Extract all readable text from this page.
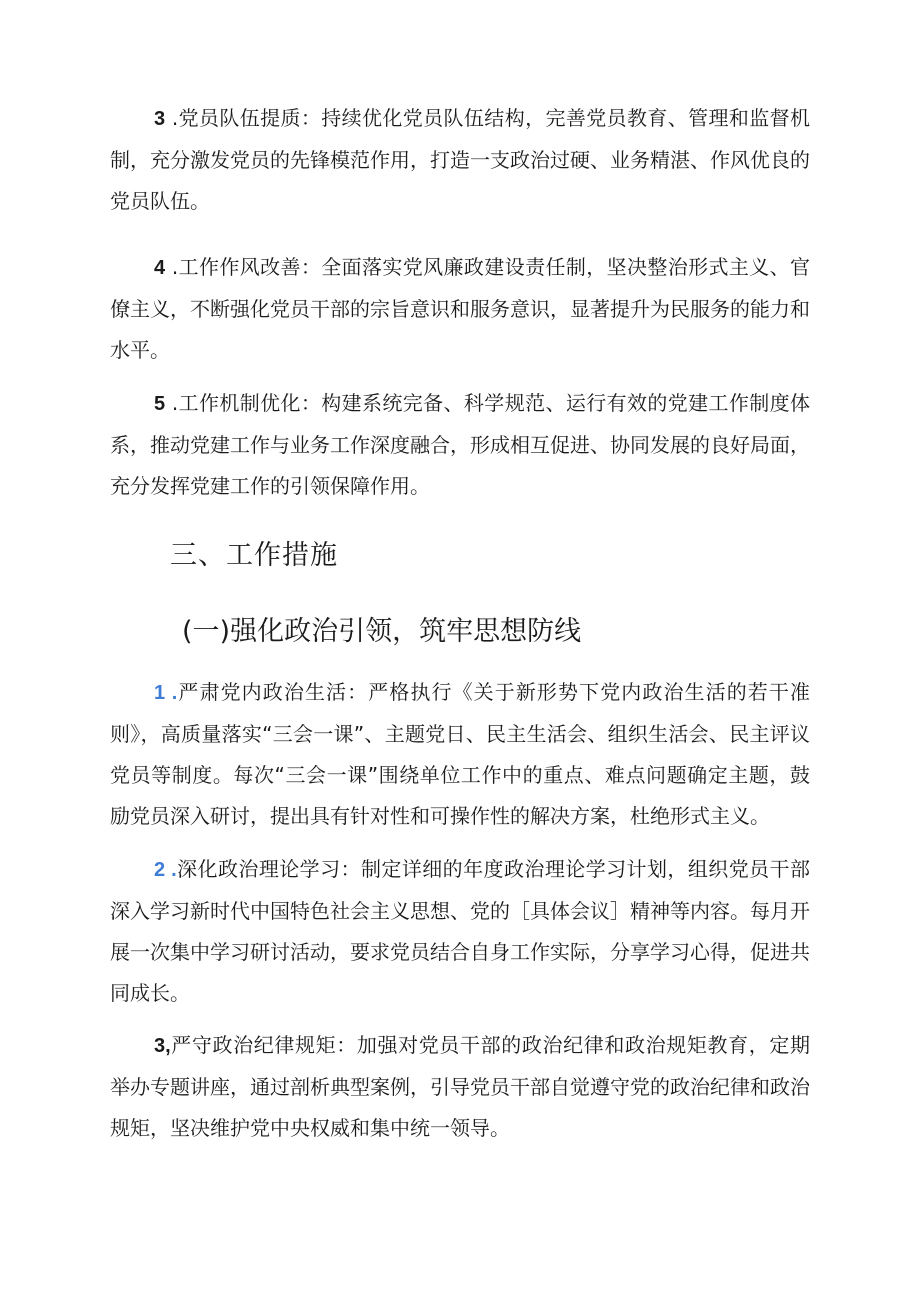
3 .党员队伍提质：持续优化党员队伍结构，完善党员教育、管理和监督机制，充分激发党员的先锋模范作用，打造一支政治过硬、业务精湛、作风优良的党员队伍。

4 .工作作风改善：全面落实党风廉政建设责任制，坚决整治形式主义、官僚主义，不断强化党员干部的宗旨意识和服务意识，显著提升为民服务的能力和水平。

5 .工作机制优化：构建系统完备、科学规范、运行有效的党建工作制度体系，推动党建工作与业务工作深度融合，形成相互促进、协同发展的良好局面，充分发挥党建工作的引领保障作用。

三、工作措施
(一)强化政治引领，筑牢思想防线

1 .严肃党内政治生活：严格执行《关于新形势下党内政治生活的若干准则》，高质量落实“三会一课”、主题党日、民主生活会、组织生活会、民主评议党员等制度。每次“三会一课”围绕单位工作中的重点、难点问题确定主题，鼓励党员深入研讨，提出具有针对性和可操作性的解决方案，杜绝形式主义。

2 .深化政治理论学习：制定详细的年度政治理论学习计划，组织党员干部深入学习新时代中国特色社会主义思想、党的［具体会议］精神等内容。每月开展一次集中学习研讨活动，要求党员结合自身工作实际，分享学习心得，促进共同成长。

3,严守政治纪律规矩：加强对党员干部的政治纪律和政治规矩教育，定期举办专题讲座，通过剖析典型案例，引导党员干部自觉遵守党的政治纪律和政治规矩，坚决维护党中央权威和集中统一领导。
